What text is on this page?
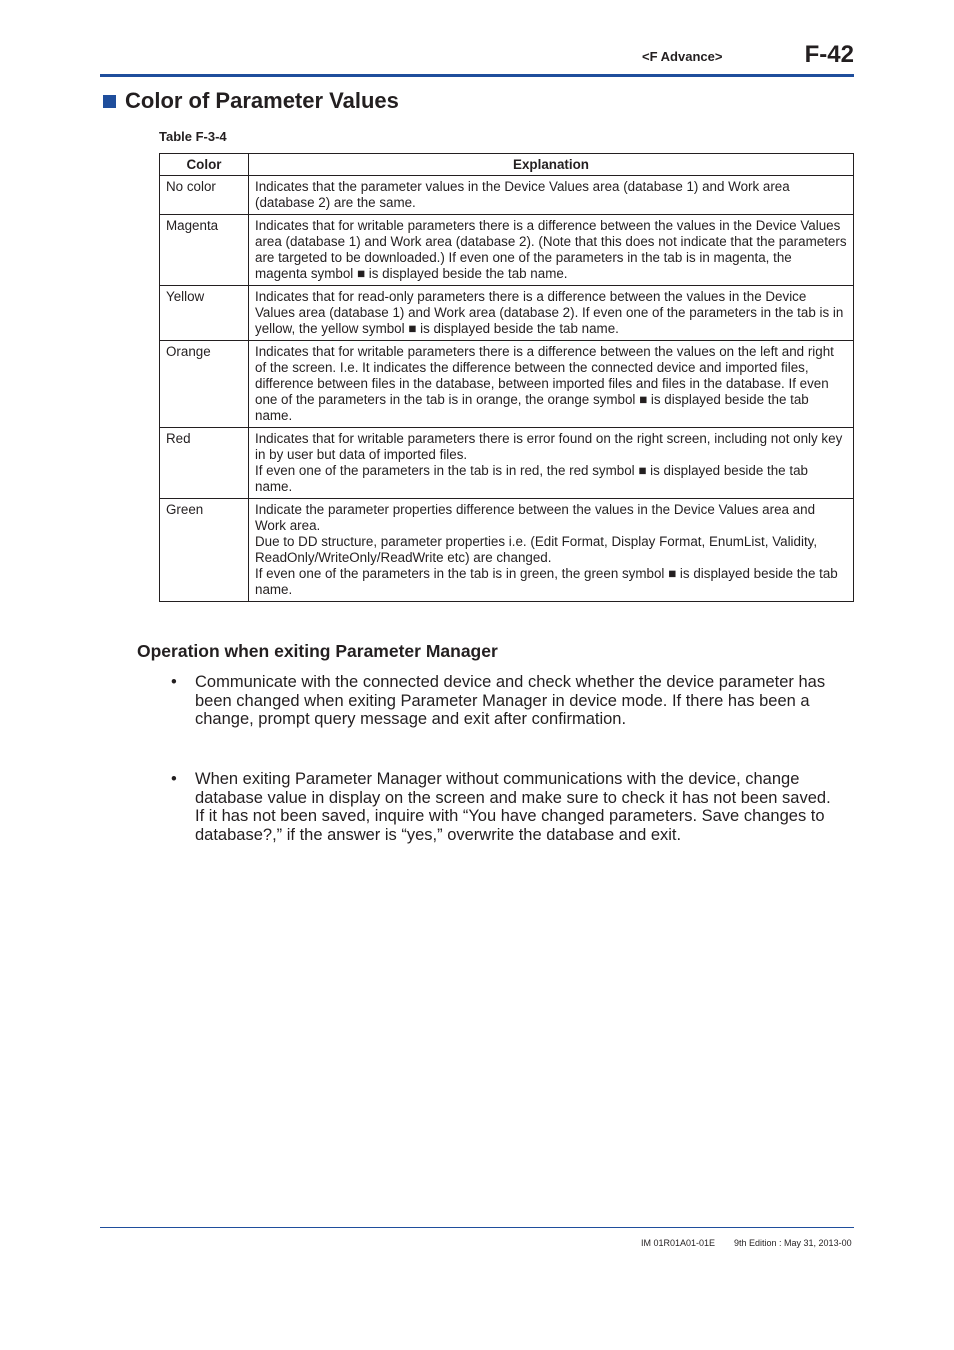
<F Advance>	F-42
Color of Parameter Values
Table F-3-4
Color	Explanation
No color	Indicates that the parameter values in the Device Values area (database 1) and Work area (database 2) are the same.

Magenta	Indicates that for writable parameters there is a difference between the values in the Device Values area (database 1) and Work area (database 2). (Note that this does not indicate that the parameters are targeted to be downloaded.) If even one of the parameters in the tab is in magenta, the magenta symbol ■ is displayed beside the tab name.

Yellow	Indicates that for read-only parameters there is a difference between the values in the Device Values area (database 1) and Work area (database 2). If even one of the parameters in the tab is in yellow, the yellow symbol ■ is displayed beside the tab name.

Orange	Indicates that for writable parameters there is a difference between the values on the left and right of the screen. I.e. It indicates the difference between the connected device and imported files, difference between files in the database, between imported files and files in the database. If even one of the parameters in the tab is in orange, the orange symbol ■ is displayed beside the tab name.

Red	Indicates that for writable parameters there is error found on the right screen, including not only key in by user but data of imported files.
If even one of the parameters in the tab is in red, the red symbol ■ is displayed beside the tab name.

Green	Indicate the parameter properties difference between the values in the Device Values area and Work area.
Due to DD structure, parameter properties i.e. (Edit Format, Display Format, EnumList, Validity, ReadOnly/WriteOnly/ReadWrite etc) are changed.
If even one of the parameters in the tab is in green, the green symbol ■ is displayed beside the tab name.
Operation when exiting Parameter Manager
• Communicate with the connected device and check whether the device parameter has been changed when exiting Parameter Manager in device mode. If there has been a change, prompt query message and exit after confirmation.
• When exiting Parameter Manager without communications with the device, change database value in display on the screen and make sure to check it has not been saved. If it has not been saved, inquire with “You have changed parameters. Save changes to database?,” if the answer is “yes,” overwrite the database and exit.
IM 01R01A01-01E 9th Edition : May 31, 2013-00
